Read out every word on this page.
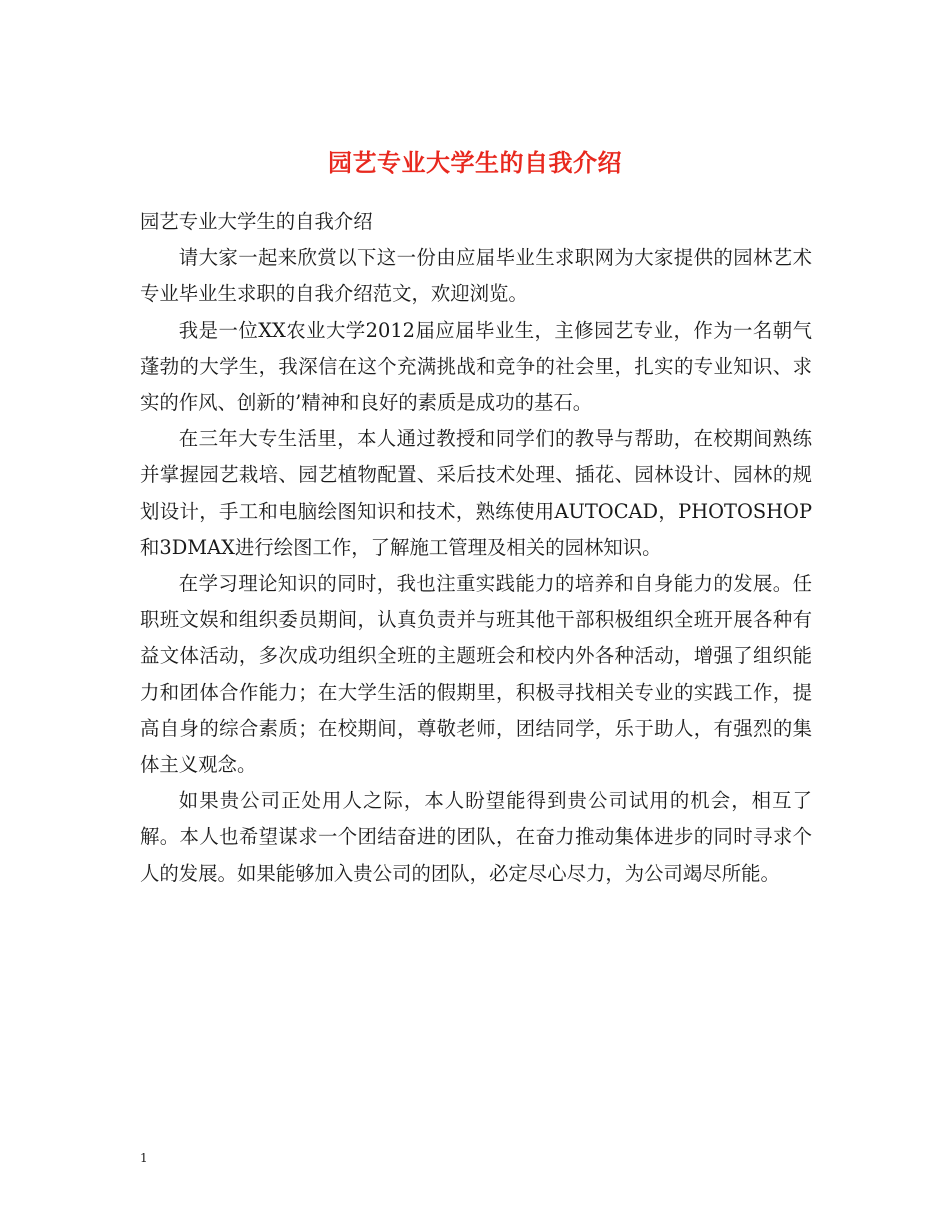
园艺专业大学生的自我介绍

园艺专业大学生的自我介绍

请大家一起来欣赏以下这一份由应届毕业生求职网为大家提供的园林艺术专业毕业生求职的自我介绍范文，欢迎浏览。

我是一位XX农业大学2012届应届毕业生，主修园艺专业，作为一名朝气蓬勃的大学生，我深信在这个充满挑战和竞争的社会里，扎实的专业知识、求实的作风、创新的’精神和良好的素质是成功的基石。

在三年大专生活里，本人通过教授和同学们的教导与帮助，在校期间熟练并掌握园艺栽培、园艺植物配置、采后技术处理、插花、园林设计、园林的规划设计，手工和电脑绘图知识和技术，熟练使用AUTOCAD，PHOTOSHOP和3DMAX进行绘图工作，了解施工管理及相关的园林知识。

在学习理论知识的同时，我也注重实践能力的培养和自身能力的发展。任职班文娱和组织委员期间，认真负责并与班其他干部积极组织全班开展各种有益文体活动，多次成功组织全班的主题班会和校内外各种活动，增强了组织能力和团体合作能力；在大学生活的假期里，积极寻找相关专业的实践工作，提高自身的综合素质；在校期间，尊敬老师，团结同学，乐于助人，有强烈的集体主义观念。

如果贵公司正处用人之际，本人盼望能得到贵公司试用的机会，相互了解。本人也希望谋求一个团结奋进的团队，在奋力推动集体进步的同时寻求个人的发展。如果能够加入贵公司的团队，必定尽心尽力，为公司竭尽所能。

1
